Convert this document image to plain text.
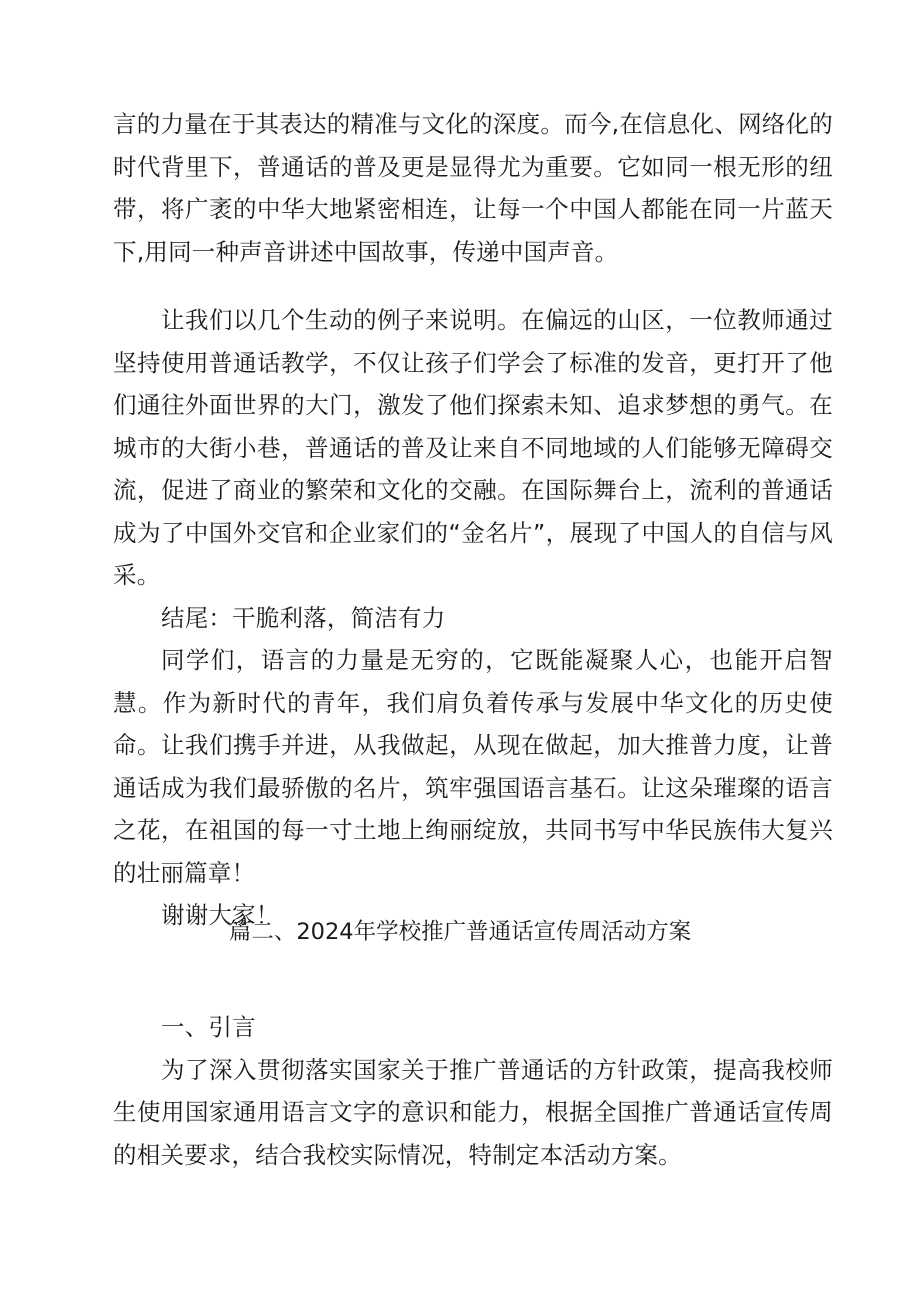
言的力量在于其表达的精准与文化的深度。而今,在信息化、网络化的时代背里下，普通话的普及更是显得尤为重要。它如同一根无形的纽带，将广袤的中华大地紧密相连，让每一个中国人都能在同一片蓝天下,用同一种声音讲述中国故事，传递中国声音。

让我们以几个生动的例子来说明。在偏远的山区，一位教师通过坚持使用普通话教学，不仅让孩子们学会了标准的发音，更打开了他们通往外面世界的大门，激发了他们探索未知、追求梦想的勇气。在城市的大街小巷，普通话的普及让来自不同地域的人们能够无障碍交流，促进了商业的繁荣和文化的交融。在国际舞台上，流利的普通话成为了中国外交官和企业家们的“金名片”，展现了中国人的自信与风采。

结尾：干脆利落，简洁有力

同学们，语言的力量是无穷的，它既能凝聚人心，也能开启智慧。作为新时代的青年，我们肩负着传承与发展中华文化的历史使命。让我们携手并进，从我做起，从现在做起，加大推普力度，让普通话成为我们最骄傲的名片，筑牢强国语言基石。让这朵璀璨的语言之花，在祖国的每一寸土地上绚丽绽放，共同书写中华民族伟大复兴的壮丽篇章！

谢谢大家！

篇二、2024年学校推广普通话宣传周活动方案

一、引言

为了深入贯彻落实国家关于推广普通话的方针政策，提高我校师生使用国家通用语言文字的意识和能力，根据全国推广普通话宣传周的相关要求，结合我校实际情况，特制定本活动方案。
